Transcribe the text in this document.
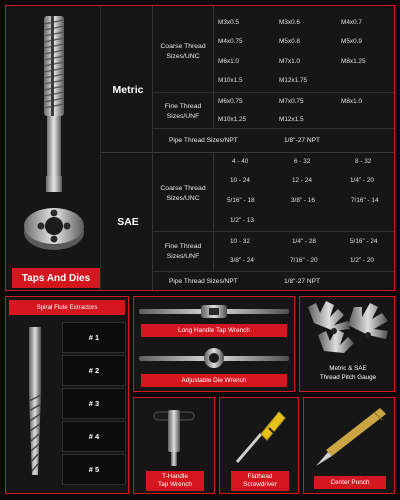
Taps And Dies
Metric
SAE
Coarse Thread Sizes/UNC
M3x0.5	M3x0.6	M4x0.7
M4x0.75	M5x0.8	M5x0.9
M6x1.0	M7x1.0	M8x1.25
M10x1.5	M12x1.75
Fine Thread Sizes/UNF
M6x0.75	M7x0.75	M8x1.0
M10x1.25	M12x1.5
Pipe Thread Sizes/NPT	1/8"-27 NPT
Coarse Thread Sizes/UNC
4 - 40	6 - 32	8 - 32
10 - 24	12 - 24	1/4" - 20
5/16" - 18	3/8" - 16	7/16" - 14
1/2" - 13
Fine Thread Sizes/UNF
10 - 32	1/4" - 28	5/16" - 24
3/8" - 24	7/16" - 20	1/2" - 20
Pipe Thread Sizes/NPT	1/8"-27 NPT
Spiral Flute Extractors
# 1
# 2
# 3
# 4
# 5
Long Handle Tap Wrench
Adjustable Die Wrench
Metric & SAE
Thread Pitch Gauge
T-Handle
Tap Wrench
Flathead
Screwdriver	Center Punch
